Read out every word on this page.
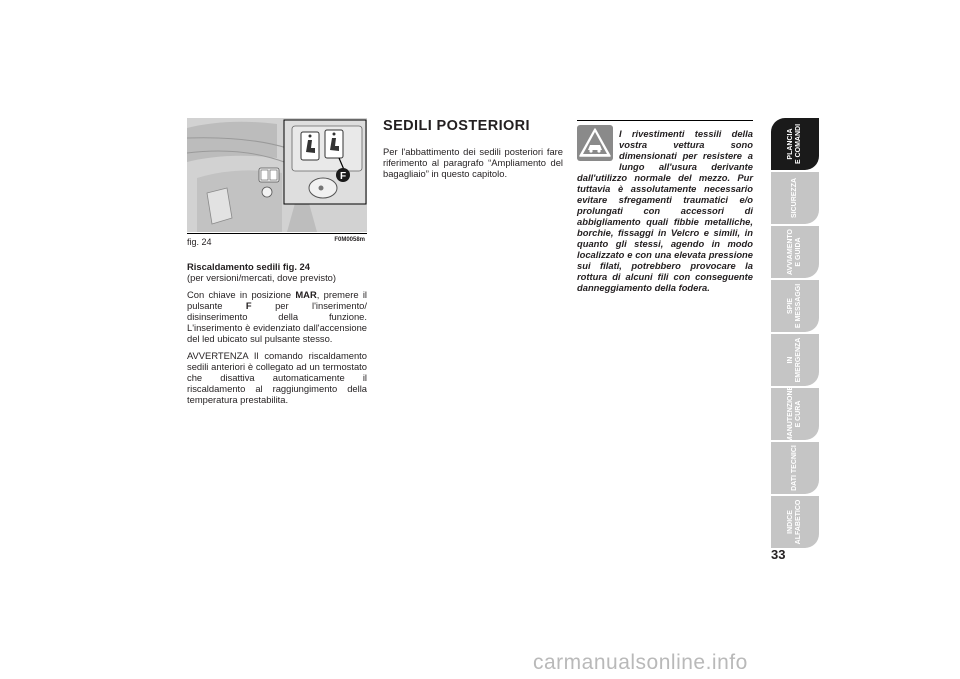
F
fig. 24	F0M0058m

Riscaldamento sedili fig. 24

(per versioni/mercati, dove previsto)

Con chiave in posizione MAR, premere il pulsante F per l'inserimento/ disinserimento della funzione. L'inserimento è evidenziato dall'accensione del led ubicato sul pulsante stesso.

AVVERTENZA Il comando riscaldamento sedili anteriori è collegato ad un termostato che disattiva automaticamente il riscaldamento al raggiungimento della temperatura prestabilita.

SEDILI POSTERIORI

Per l'abbattimento dei sedili posteriori fare riferimento al paragrafo “Ampliamento del bagagliaio” in questo capitolo.

I rivestimenti tessili della vostra vettura sono dimensionati per resistere a lungo all'usura derivante dall'utilizzo normale del mezzo. Pur tuttavia è assolutamente necessario evitare sfregamenti traumatici e/o prolungati con accessori di abbigliamento quali fibbie metalliche, borchie, fissaggi in Velcro e simili, in quanto gli stessi, agendo in modo localizzato e con una elevata pressione sui filati, potrebbero provocare la rottura di alcuni fili con conseguente danneggiamento della fodera.

PLANCIA E COMANDI
SICUREZZA
AVVIAMENTO E GUIDA
SPIE E MESSAGGI
IN EMERGENZA
MANUTENZIONE E CURA
DATI TECNICI
INDICE ALFABETICO
33
carmanualsonline.info
